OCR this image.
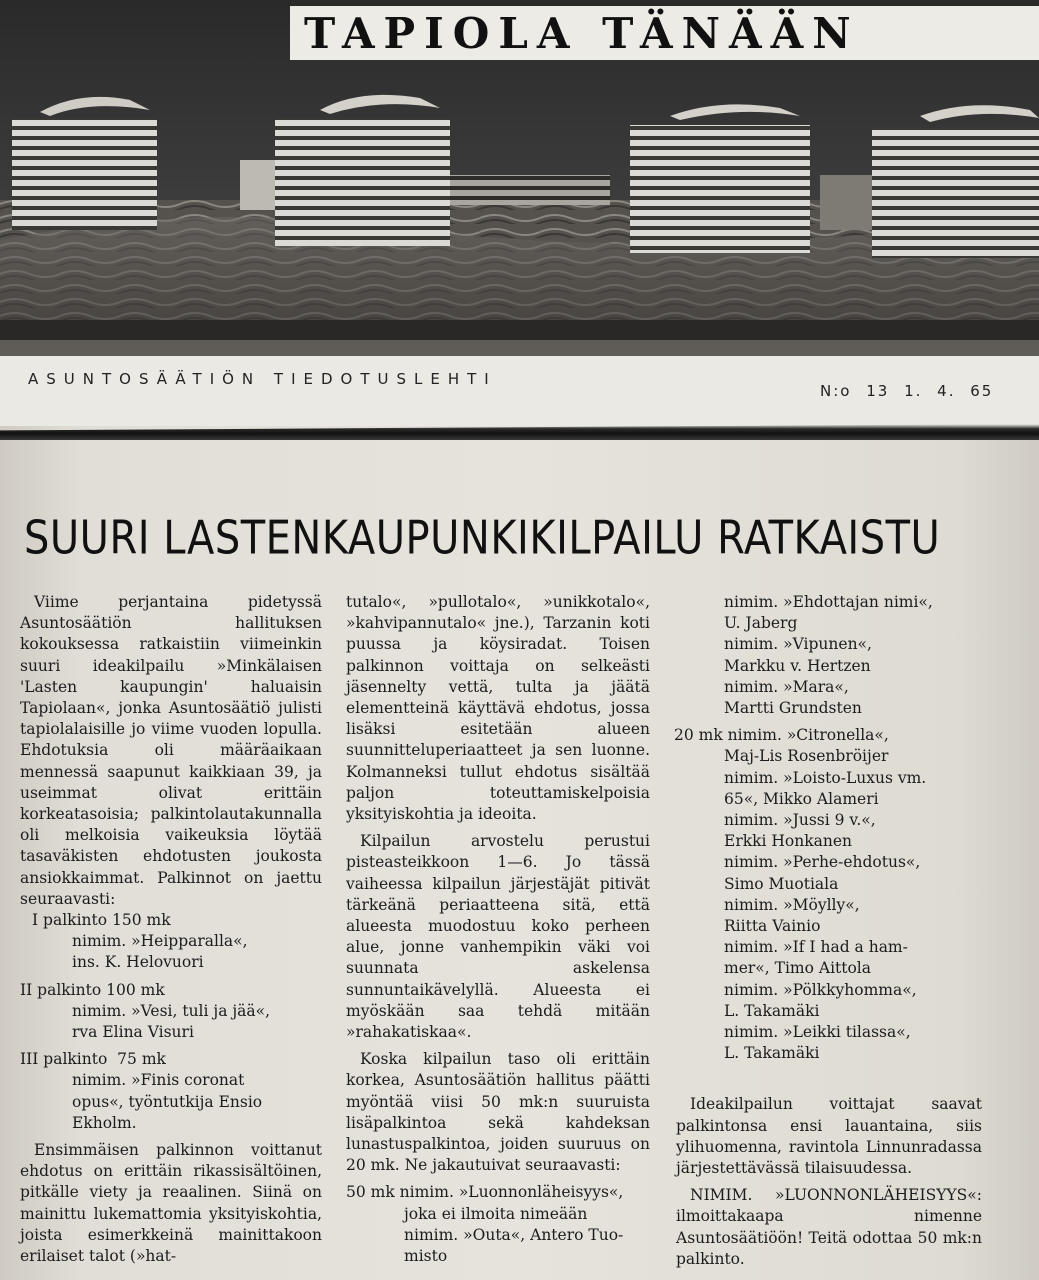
TAPIOLA TÄNÄÄN
ASUNTOSÄÄTIÖN TIEDOTUSLEHTI
N:o 13 1. 4. 65
SUURI LASTENKAUPUNKIKILPAILU RATKAISTU

Viime perjantaina pidetyssä Asuntosäätiön hallituksen kokouksessa ratkaistiin viimeinkin suuri ideakilpailu »Minkälaisen 'Lasten kaupungin' haluaisin Tapiolaan«, jonka Asuntosäätiö julisti tapiolalaisille jo viime vuoden lopulla. Ehdotuksia oli määräaikaan mennessä saapunut kaikkiaan 39, ja useimmat olivat erittäin korkeatasoisia; palkintolautakunnalla oli melkoisia vaikeuksia löytää tasaväkisten ehdotusten joukosta ansiokkaimmat. Palkinnot on jaettu seuraavasti:

I palkinto 150 mk

nimim. »Heipparalla«,

ins. K. Helovuori

II palkinto 100 mk

nimim. »Vesi, tuli ja jää«,

rva Elina Visuri

III palkinto  75 mk

nimim. »Finis coronat

opus«, työntutkija Ensio

Ekholm.

Ensimmäisen palkinnon voittanut ehdotus on erittäin rikassisältöinen, pitkälle viety ja reaalinen. Siinä on mainittu lukemattomia yksityiskohtia, joista esimerkkeinä mainittakoon erilaiset talot (»hat-

tutalo«, »pullotalo«, »unikkotalo«, »kahvipannutalo« jne.), Tarzanin koti puussa ja köysiradat. Toisen palkinnon voittaja on selkeästi jäsennelty vettä, tulta ja jäätä elementteinä käyttävä ehdotus, jossa lisäksi esitetään alueen suunnitteluperiaatteet ja sen luonne. Kolmanneksi tullut ehdotus sisältää paljon toteuttamiskelpoisia yksityiskohtia ja ideoita.

Kilpailun arvostelu perustui pisteasteikkoon 1—6. Jo tässä vaiheessa kilpailun järjestäjät pitivät tärkeänä periaatteena sitä, että alueesta muodostuu koko perheen alue, jonne vanhempikin väki voi suunnata askelensa sunnuntaikävelyllä. Alueesta ei myöskään saa tehdä mitään »rahakatiskaa«.

Koska kilpailun taso oli erittäin korkea, Asuntosäätiön hallitus päätti myöntää viisi 50 mk:n suuruista lisäpalkintoa sekä kahdeksan lunastuspalkintoa, joiden suuruus on 20 mk. Ne jakautuivat seuraavasti:

50 mk nimim. »Luonnonläheisyys«,

joka ei ilmoita nimeään

nimim. »Outa«, Antero Tuo-

misto

nimim. »Ehdottajan nimi«,

U. Jaberg

nimim. »Vipunen«,

Markku v. Hertzen

nimim. »Mara«,

Martti Grundsten

20 mk nimim. »Citronella«,

Maj-Lis Rosenbröijer

nimim. »Loisto-Luxus vm.

65«, Mikko Alameri

nimim. »Jussi 9 v.«,

Erkki Honkanen

nimim. »Perhe-ehdotus«,

Simo Muotiala

nimim. »Möylly«,

Riitta Vainio

nimim. »If I had a ham-

mer«, Timo Aittola

nimim. »Pölkkyhomma«,

L. Takamäki

nimim. »Leikki tilassa«,

L. Takamäki

Ideakilpailun voittajat saavat palkintonsa ensi lauantaina, siis ylihuomenna, ravintola Linnunradassa järjestettävässä tilaisuudessa.

NIMIM. »LUONNONLÄHEISYYS«: ilmoittakaapa nimenne Asuntosäätiöön! Teitä odottaa 50 mk:n palkinto.
